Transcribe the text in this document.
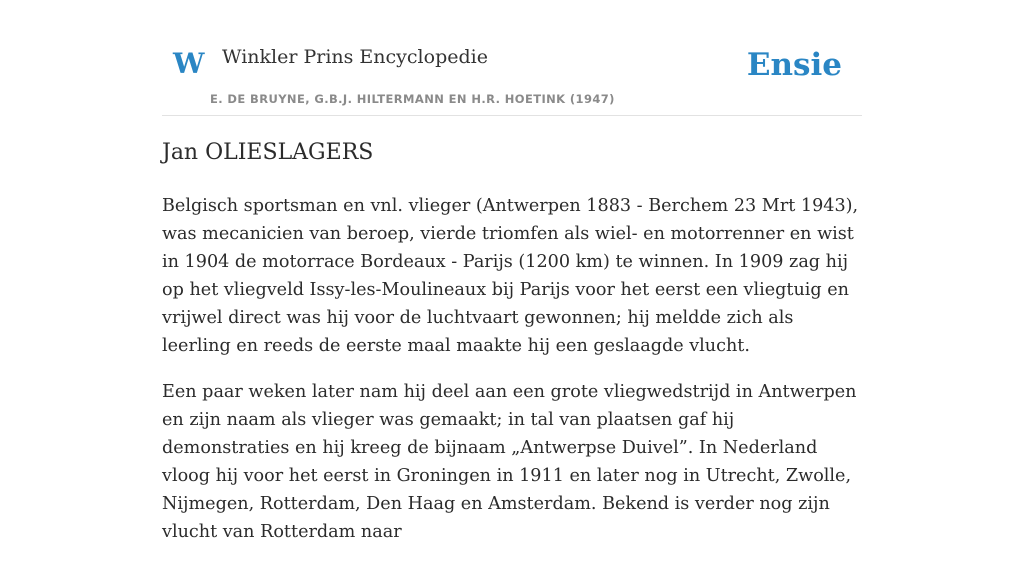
W Winkler Prins Encyclopedie
E. DE BRUYNE, G.B.J. HILTERMANN EN H.R. HOETINK (1947)
Ensie
Jan OLIESLAGERS

Belgisch sportsman en vnl. vlieger (Antwerpen 1883 - Berchem 23 Mrt 1943), was mecanicien van beroep, vierde triomfen als wiel- en motorrenner en wist in 1904 de motorrace Bordeaux - Parijs (1200 km) te winnen. In 1909 zag hij op het vliegveld Issy-les-Moulineaux bij Parijs voor het eerst een vliegtuig en vrijwel direct was hij voor de luchtvaart gewonnen; hij meldde zich als leerling en reeds de eerste maal maakte hij een geslaagde vlucht.

Een paar weken later nam hij deel aan een grote vliegwedstrijd in Antwerpen en zijn naam als vlieger was gemaakt; in tal van plaatsen gaf hij demonstraties en hij kreeg de bijnaam „Antwerpse Duivel”. In Nederland vloog hij voor het eerst in Groningen in 1911 en later nog in Utrecht, Zwolle, Nijmegen, Rotterdam, Den Haag en Amsterdam. Bekend is verder nog zijn vlucht van Rotterdam naar
